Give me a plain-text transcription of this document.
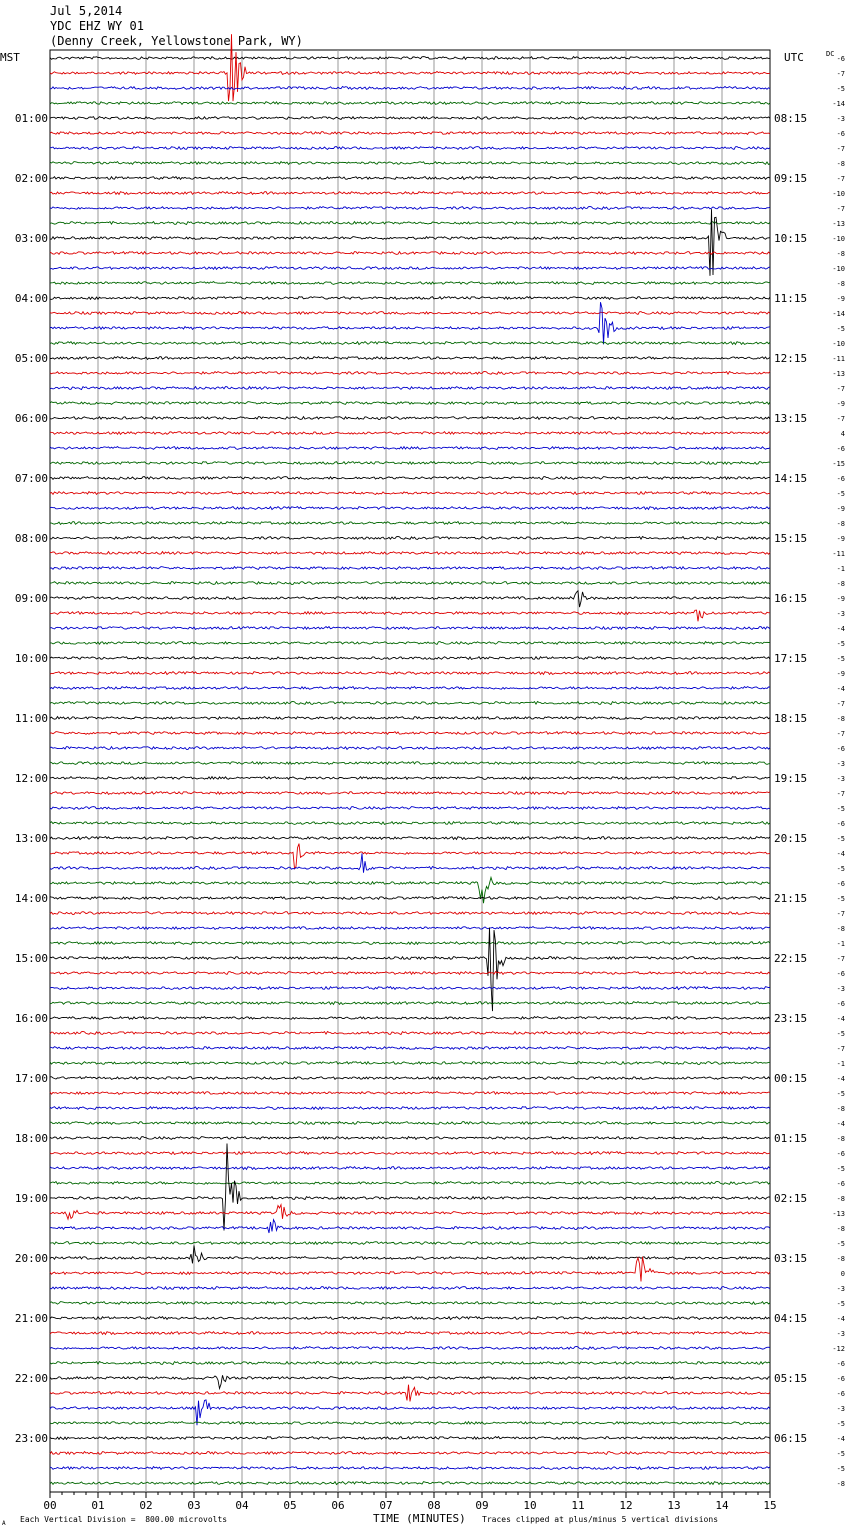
Jul 5,2014
YDC EHZ WY 01
(Denny Creek, Yellowstone Park, WY)
-6
-7
-5
-14
-3
-6
-7
-8
-7
-10
-7
-13
-10
-8
-10
-8
-9
-14
-5
-10
-11
-13
-7
-9
-7
4
-6
-15
-6
-5
-9
-8
-9
-11
-1
-8
-9
-3
-4
-5
-5
-9
-4
-7
-8
-7
-6
-3
-3
-7
-5
-6
-5
-4
-5
-6
-5
-7
-8
-1
-7
-6
-3
-6
-4
-5
-7
-1
-4
-5
-8
-4
-8
-6
-5
-6
-8
-13
-8
-5
-8
0
-3
-5
-4
-3
-12
-6
-6
-6
-3
-5
-4
-5
-5
-8
MST	UTC	DC
01:00
02:00
03:00
04:00
05:00
06:00
07:00
08:00
09:00
10:00
11:00
12:00
13:00
14:00
15:00
16:00
17:00
18:00
19:00
20:00
21:00
22:00
23:00
08:15
09:15
10:15
11:15
12:15
13:15
14:15
15:15
16:15
17:15
18:15
19:15
20:15
21:15
22:15
23:15
00:15
01:15
02:15
03:15
04:15
05:15
06:15
00	01	02	03	04	05	06	07	08	09	10	11	12	13	14	15
A Each Vertical Division =  800.00 microvolts	TIME (MINUTES) Traces clipped at plus/minus 5 vertical divisions
